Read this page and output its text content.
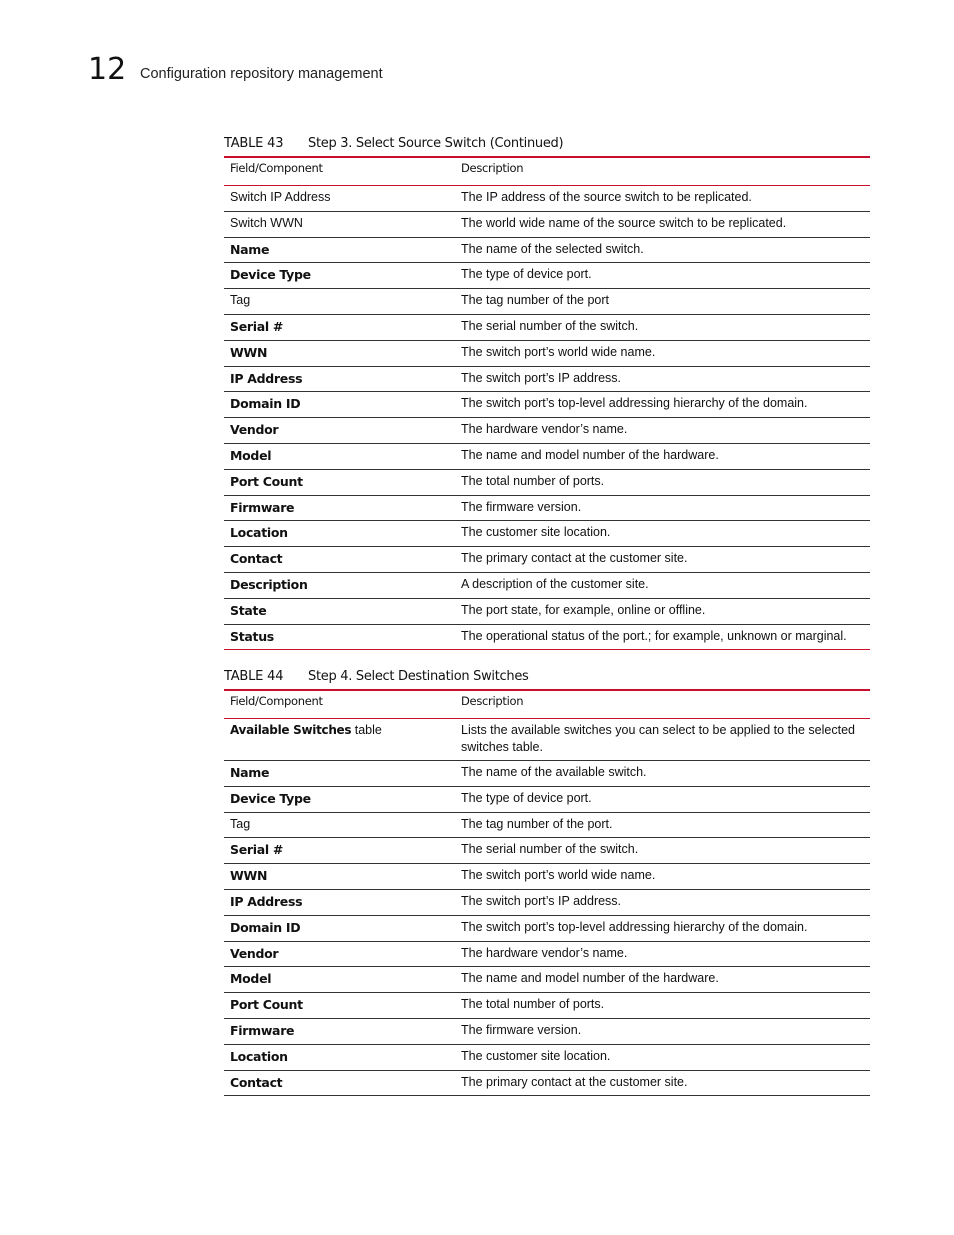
12 Configuration repository management
TABLE 43 Step 3. Select Source Switch (Continued)
Field/Component	Description
Switch IP Address	The IP address of the source switch to be replicated.
Switch WWN	The world wide name of the source switch to be replicated.
Name	The name of the selected switch.
Device Type	The type of device port.
Tag	The tag number of the port
Serial #	The serial number of the switch.
WWN	The switch port’s world wide name.
IP Address	The switch port’s IP address.
Domain ID	The switch port’s top-level addressing hierarchy of the domain.
Vendor	The hardware vendor’s name.
Model	The name and model number of the hardware.
Port Count	The total number of ports.
Firmware	The firmware version.
Location	The customer site location.
Contact	The primary contact at the customer site.
Description	A description of the customer site.
State	The port state, for example, online or offline.
Status	The operational status of the port.; for example, unknown or marginal.
TABLE 44 Step 4. Select Destination Switches
Field/Component	Description
Available Switches table	Lists the available switches you can select to be applied to the selected switches table.
Name	The name of the available switch.
Device Type	The type of device port.
Tag	The tag number of the port.
Serial #	The serial number of the switch.
WWN	The switch port’s world wide name.
IP Address	The switch port’s IP address.
Domain ID	The switch port’s top-level addressing hierarchy of the domain.
Vendor	The hardware vendor’s name.
Model	The name and model number of the hardware.
Port Count	The total number of ports.
Firmware	The firmware version.
Location	The customer site location.
Contact	The primary contact at the customer site.
